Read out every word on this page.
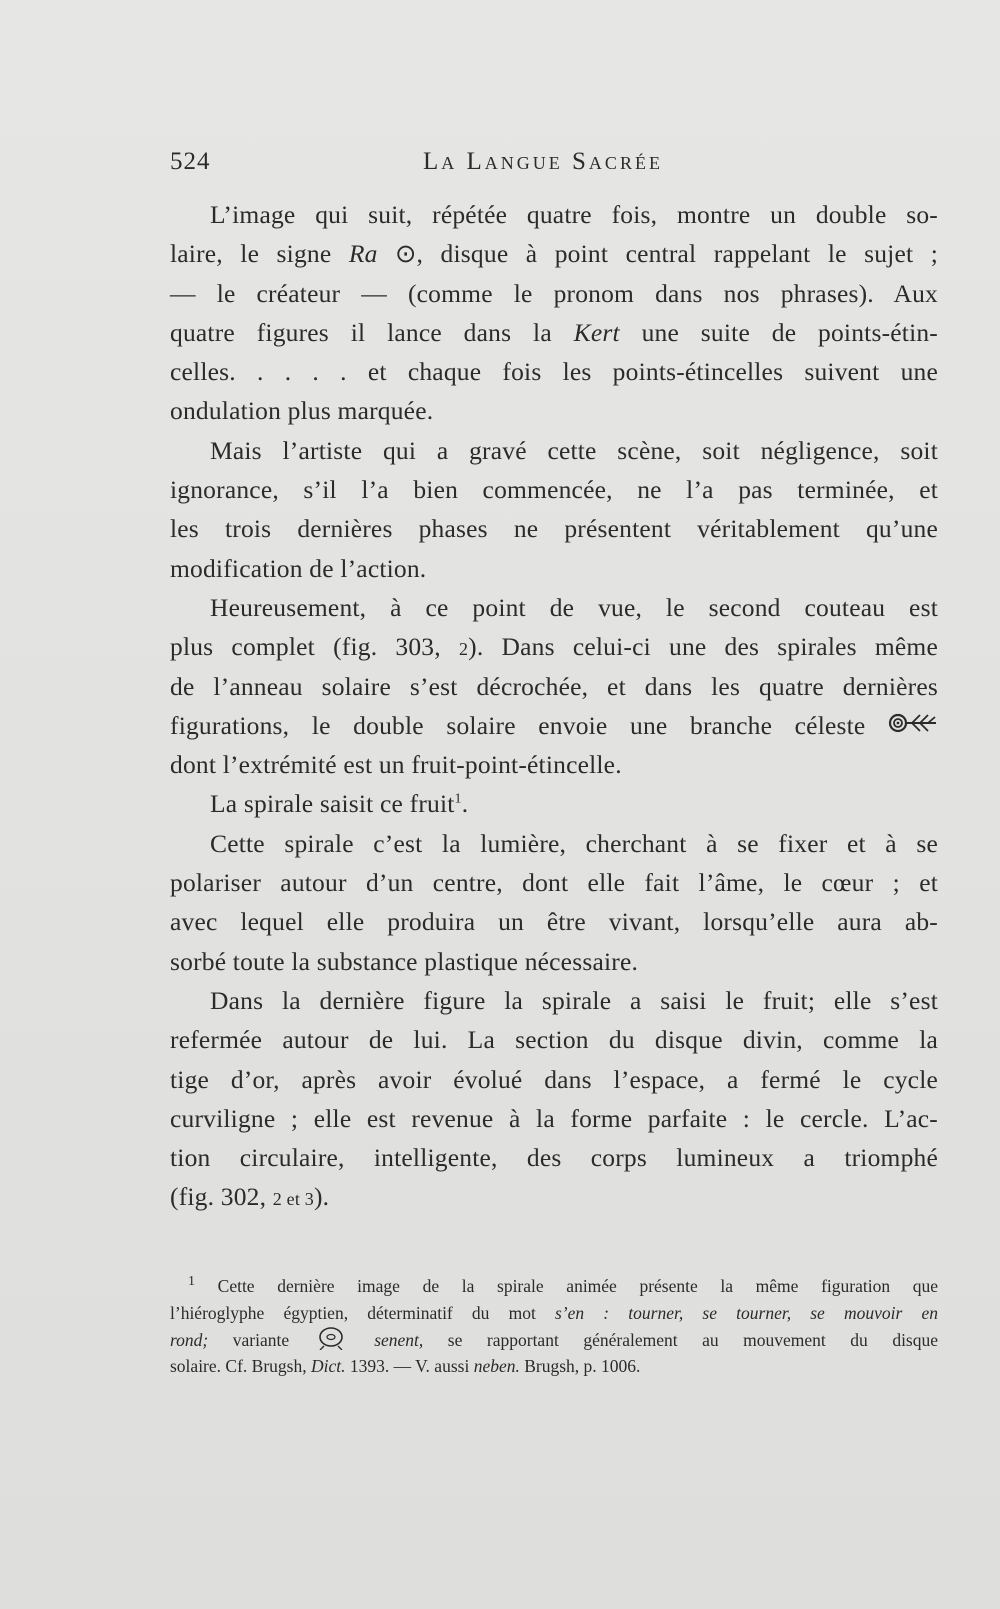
524	La Langue Sacrée
L’image qui suit, répétée quatre fois, montre un double so-
laire, le signe Ra ⊙, disque à point central rappelant le sujet ;
— le créateur — (comme le pronom dans nos phrases). Aux
quatre figures il lance dans la Kert une suite de points-étin-
celles. . . . . et chaque fois les points-étincelles suivent une
ondulation plus marquée.
Mais l’artiste qui a gravé cette scène, soit négligence, soit
ignorance, s’il l’a bien commencée, ne l’a pas terminée, et
les trois dernières phases ne présentent véritablement qu’une
modification de l’action.
Heureusement, à ce point de vue, le second couteau est
plus complet (fig. 303, 2). Dans celui-ci une des spirales même
de l’anneau solaire s’est décrochée, et dans les quatre dernières
figurations, le double solaire envoie une branche céleste
dont l’extrémité est un fruit-point-étincelle.
La spirale saisit ce fruit$^1$.
Cette spirale c’est la lumière, cherchant à se fixer et à se
polariser autour d’un centre, dont elle fait l’âme, le cœur ; et
avec lequel elle produira un être vivant, lorsqu’elle aura ab-
sorbé toute la substance plastique nécessaire.
Dans la dernière figure la spirale a saisi le fruit; elle s’est
refermée autour de lui. La section du disque divin, comme la
tige d’or, après avoir évolué dans l’espace, a fermé le cycle
curviligne ; elle est revenue à la forme parfaite : le cercle. L’ac-
tion circulaire, intelligente, des corps lumineux a triomphé
(fig. 302, 2 et 3).
$^1$ Cette dernière image de la spirale animée présente la même figuration que
l’hiéroglyphe égyptien, déterminatif du mot s’en : tourner, se tourner, se mouvoir en
rond; variante	senent, se rapportant généralement au mouvement du disque
solaire. Cf. Brugsh, Dict. 1393. — V. aussi neben. Brugsh, p. 1006.
